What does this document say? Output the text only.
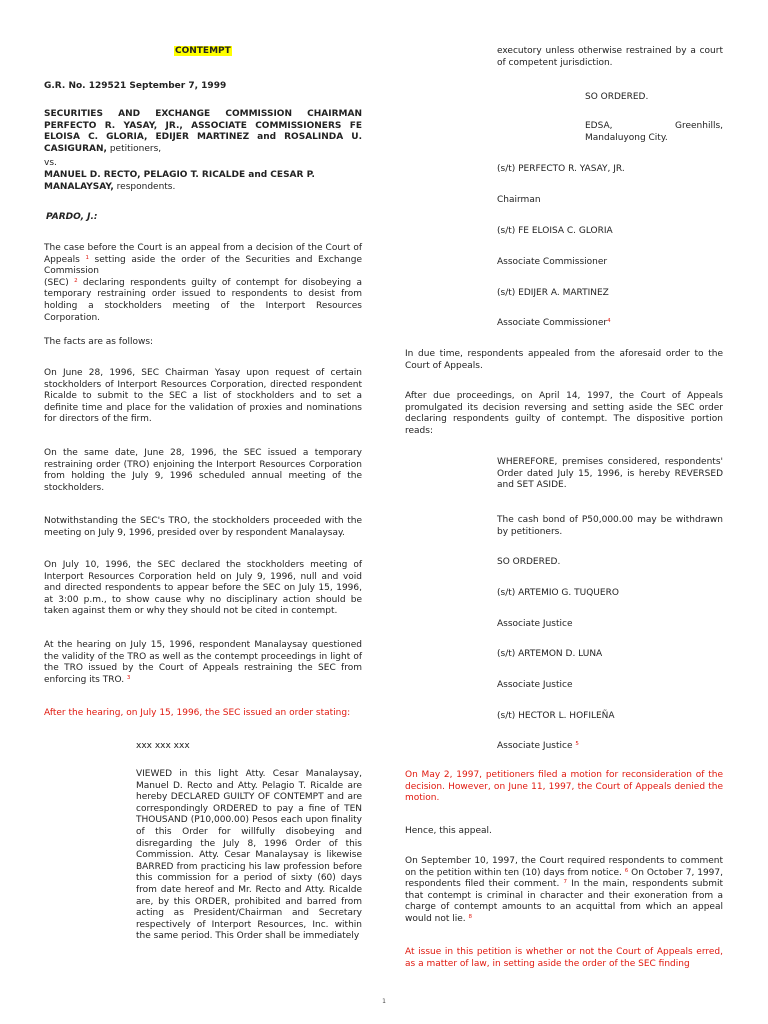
CONTEMPT

G.R. No. 129521 September 7, 1999

SECURITIES AND EXCHANGE COMMISSION CHAIRMAN PERFECTO R. YASAY, JR., ASSOCIATE COMMISSIONERS FE ELOISA C. GLORIA, EDIJER MARTINEZ and ROSALINDA U. CASIGURAN, petitioners,

vs.

MANUEL D. RECTO, PELAGIO T. RICALDE and CESAR P. MANALAYSAY, respondents.

PARDO, J.:

The case before the Court is an appeal from a decision of the Court of Appeals $^1$ setting aside the order of the Securities and Exchange Commission
(SEC) $^2$ declaring respondents guilty of contempt for disobeying a temporary restraining order issued to respondents to desist from holding a stockholders meeting of the Interport Resources Corporation.

The facts are as follows:

On June 28, 1996, SEC Chairman Yasay upon request of certain stockholders of Interport Resources Corporation, directed respondent Ricalde to submit to the SEC a list of stockholders and to set a definite time and place for the validation of proxies and nominations for directors of the firm.

On the same date, June 28, 1996, the SEC issued a temporary restraining order (TRO) enjoining the Interport Resources Corporation from holding the July 9, 1996 scheduled annual meeting of the stockholders.

Notwithstanding the SEC's TRO, the stockholders proceeded with the meeting on July 9, 1996, presided over by respondent Manalaysay.

On July 10, 1996, the SEC declared the stockholders meeting of Interport Resources Corporation held on July 9, 1996, null and void and directed respondents to appear before the SEC on July 15, 1996, at 3:00 p.m., to show cause why no disciplinary action should be taken against them or why they should not be cited in contempt.

At the hearing on July 15, 1996, respondent Manalaysay questioned the validity of the TRO as well as the contempt proceedings in light of the TRO issued by the Court of Appeals restraining the SEC from enforcing its TRO. $^3$

After the hearing, on July 15, 1996, the SEC issued an order stating:

xxx xxx xxx

VIEWED in this light Atty. Cesar Manalaysay, Manuel D. Recto and Atty. Pelagio T. Ricalde are hereby DECLARED GUILTY OF CONTEMPT and are correspondingly ORDERED to pay a fine of TEN THOUSAND (P10,000.00) Pesos each upon finality of this Order for willfully disobeying and disregarding the July 8, 1996 Order of this Commission. Atty. Cesar Manalaysay is likewise BARRED from practicing his law profession before this commission for a period of sixty (60) days from date hereof and Mr. Recto and Atty. Ricalde are, by this ORDER, prohibited and barred from acting as President/Chairman and Secretary respectively of Interport Resources, Inc. within the same period. This Order shall be immediately

executory unless otherwise restrained by a court of competent jurisdiction.

SO ORDERED.

EDSA,	Greenhills,
Mandaluyong City.

(s/t) PERFECTO R. YASAY, JR.

Chairman

(s/t) FE ELOISA C. GLORIA

Associate Commissioner

(s/t) EDIJER A. MARTINEZ

Associate Commissioner$^4$

In due time, respondents appealed from the aforesaid order to the Court of Appeals.

After due proceedings, on April 14, 1997, the Court of Appeals promulgated its decision reversing and setting aside the SEC order declaring respondents guilty of contempt. The dispositive portion reads:

WHEREFORE, premises considered, respondents' Order dated July 15, 1996, is hereby REVERSED and SET ASIDE.

The cash bond of P50,000.00 may be withdrawn by petitioners.

SO ORDERED.

(s/t) ARTEMIO G. TUQUERO

Associate Justice

(s/t) ARTEMON D. LUNA

Associate Justice

(s/t) HECTOR L. HOFILEÑA

Associate Justice $^5$

On May 2, 1997, petitioners filed a motion for reconsideration of the decision. However, on June 11, 1997, the Court of Appeals denied the motion.

Hence, this appeal.

On September 10, 1997, the Court required respondents to comment on the petition within ten (10) days from notice. $^6$ On October 7, 1997, respondents filed their comment. $^7$ In the main, respondents submit that contempt is criminal in character and their exoneration from a charge of contempt amounts to an acquittal from which an appeal would not lie. $^8$

At issue in this petition is whether or not the Court of Appeals erred, as a matter of law, in setting aside the order of the SEC finding

1
